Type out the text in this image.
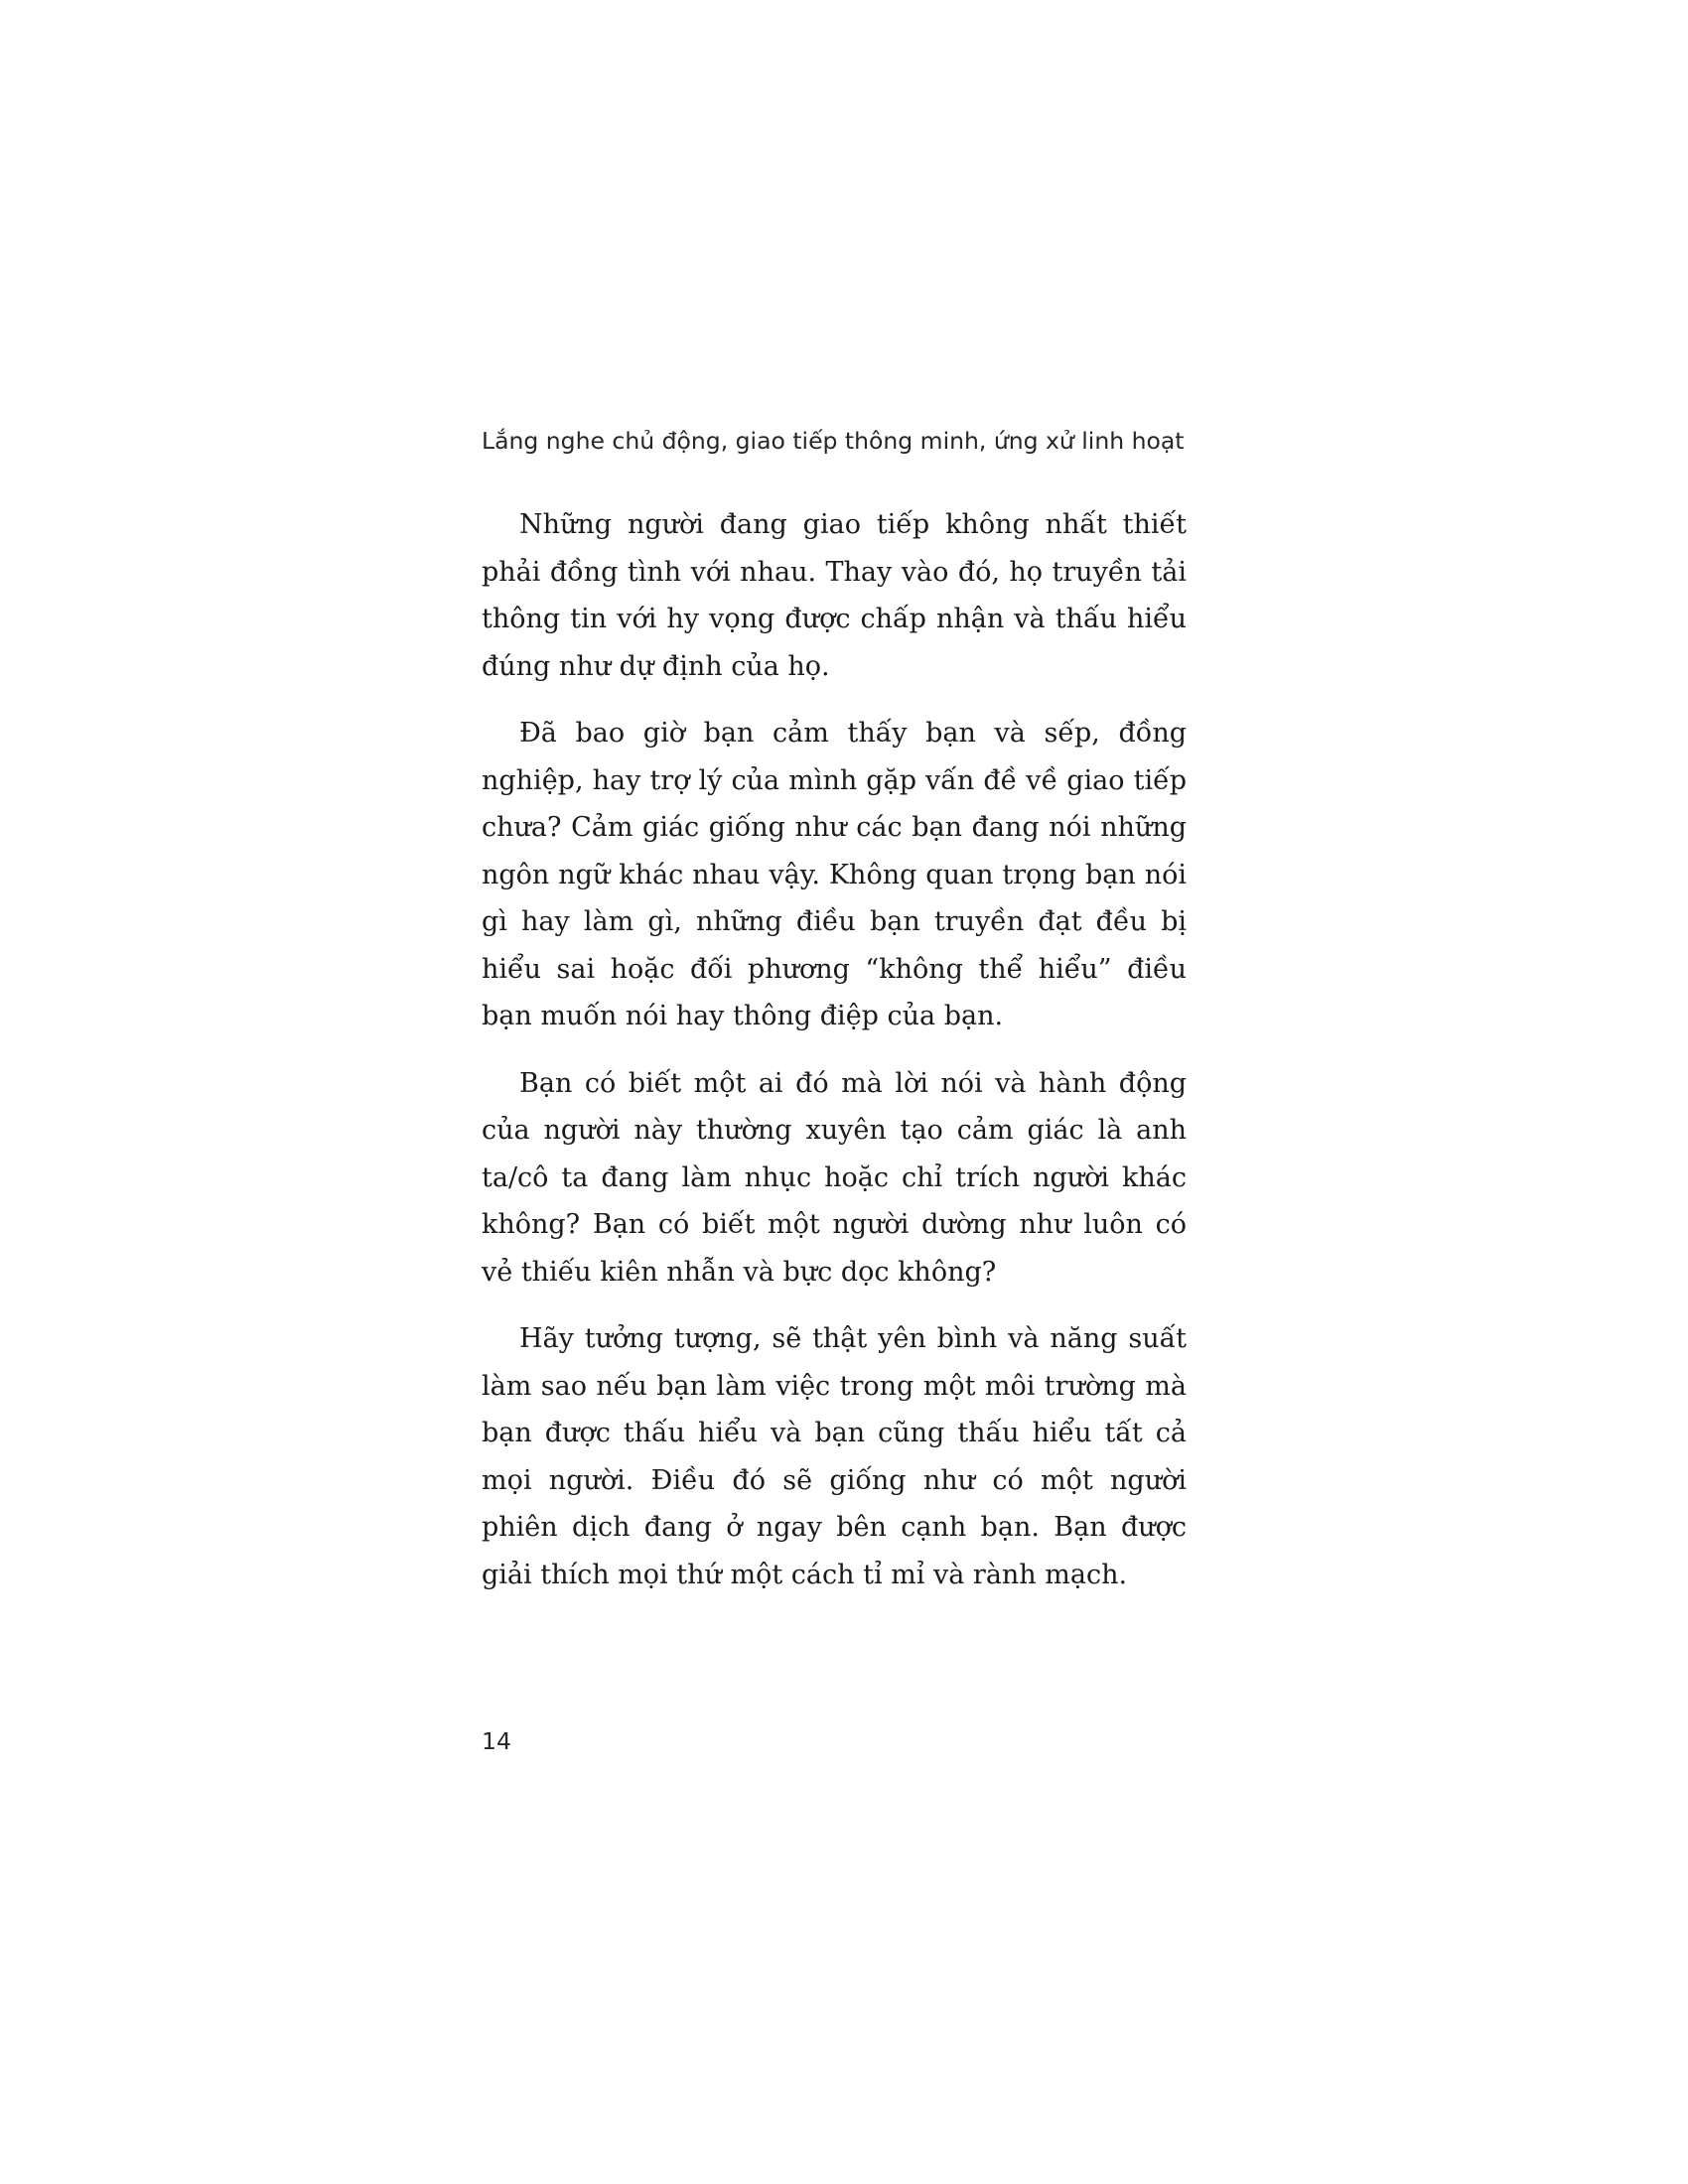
Lắng nghe chủ động, giao tiếp thông minh, ứng xử linh hoạt

Những người đang giao tiếp không nhất thiết phải đồng tình với nhau. Thay vào đó, họ truyền tải thông tin với hy vọng được chấp nhận và thấu hiểu đúng như dự định của họ.

Đã bao giờ bạn cảm thấy bạn và sếp, đồng nghiệp, hay trợ lý của mình gặp vấn đề về giao tiếp chưa? Cảm giác giống như các bạn đang nói những ngôn ngữ khác nhau vậy. Không quan trọng bạn nói gì hay làm gì, những điều bạn truyền đạt đều bị hiểu sai hoặc đối phương “không thể hiểu” điều bạn muốn nói hay thông điệp của bạn.

Bạn có biết một ai đó mà lời nói và hành động của người này thường xuyên tạo cảm giác là anh ta/cô ta đang làm nhục hoặc chỉ trích người khác không? Bạn có biết một người dường như luôn có vẻ thiếu kiên nhẫn và bực dọc không?

Hãy tưởng tượng, sẽ thật yên bình và năng suất làm sao nếu bạn làm việc trong một môi trường mà bạn được thấu hiểu và bạn cũng thấu hiểu tất cả mọi người. Điều đó sẽ giống như có một người phiên dịch đang ở ngay bên cạnh bạn. Bạn được giải thích mọi thứ một cách tỉ mỉ và rành mạch.

14
